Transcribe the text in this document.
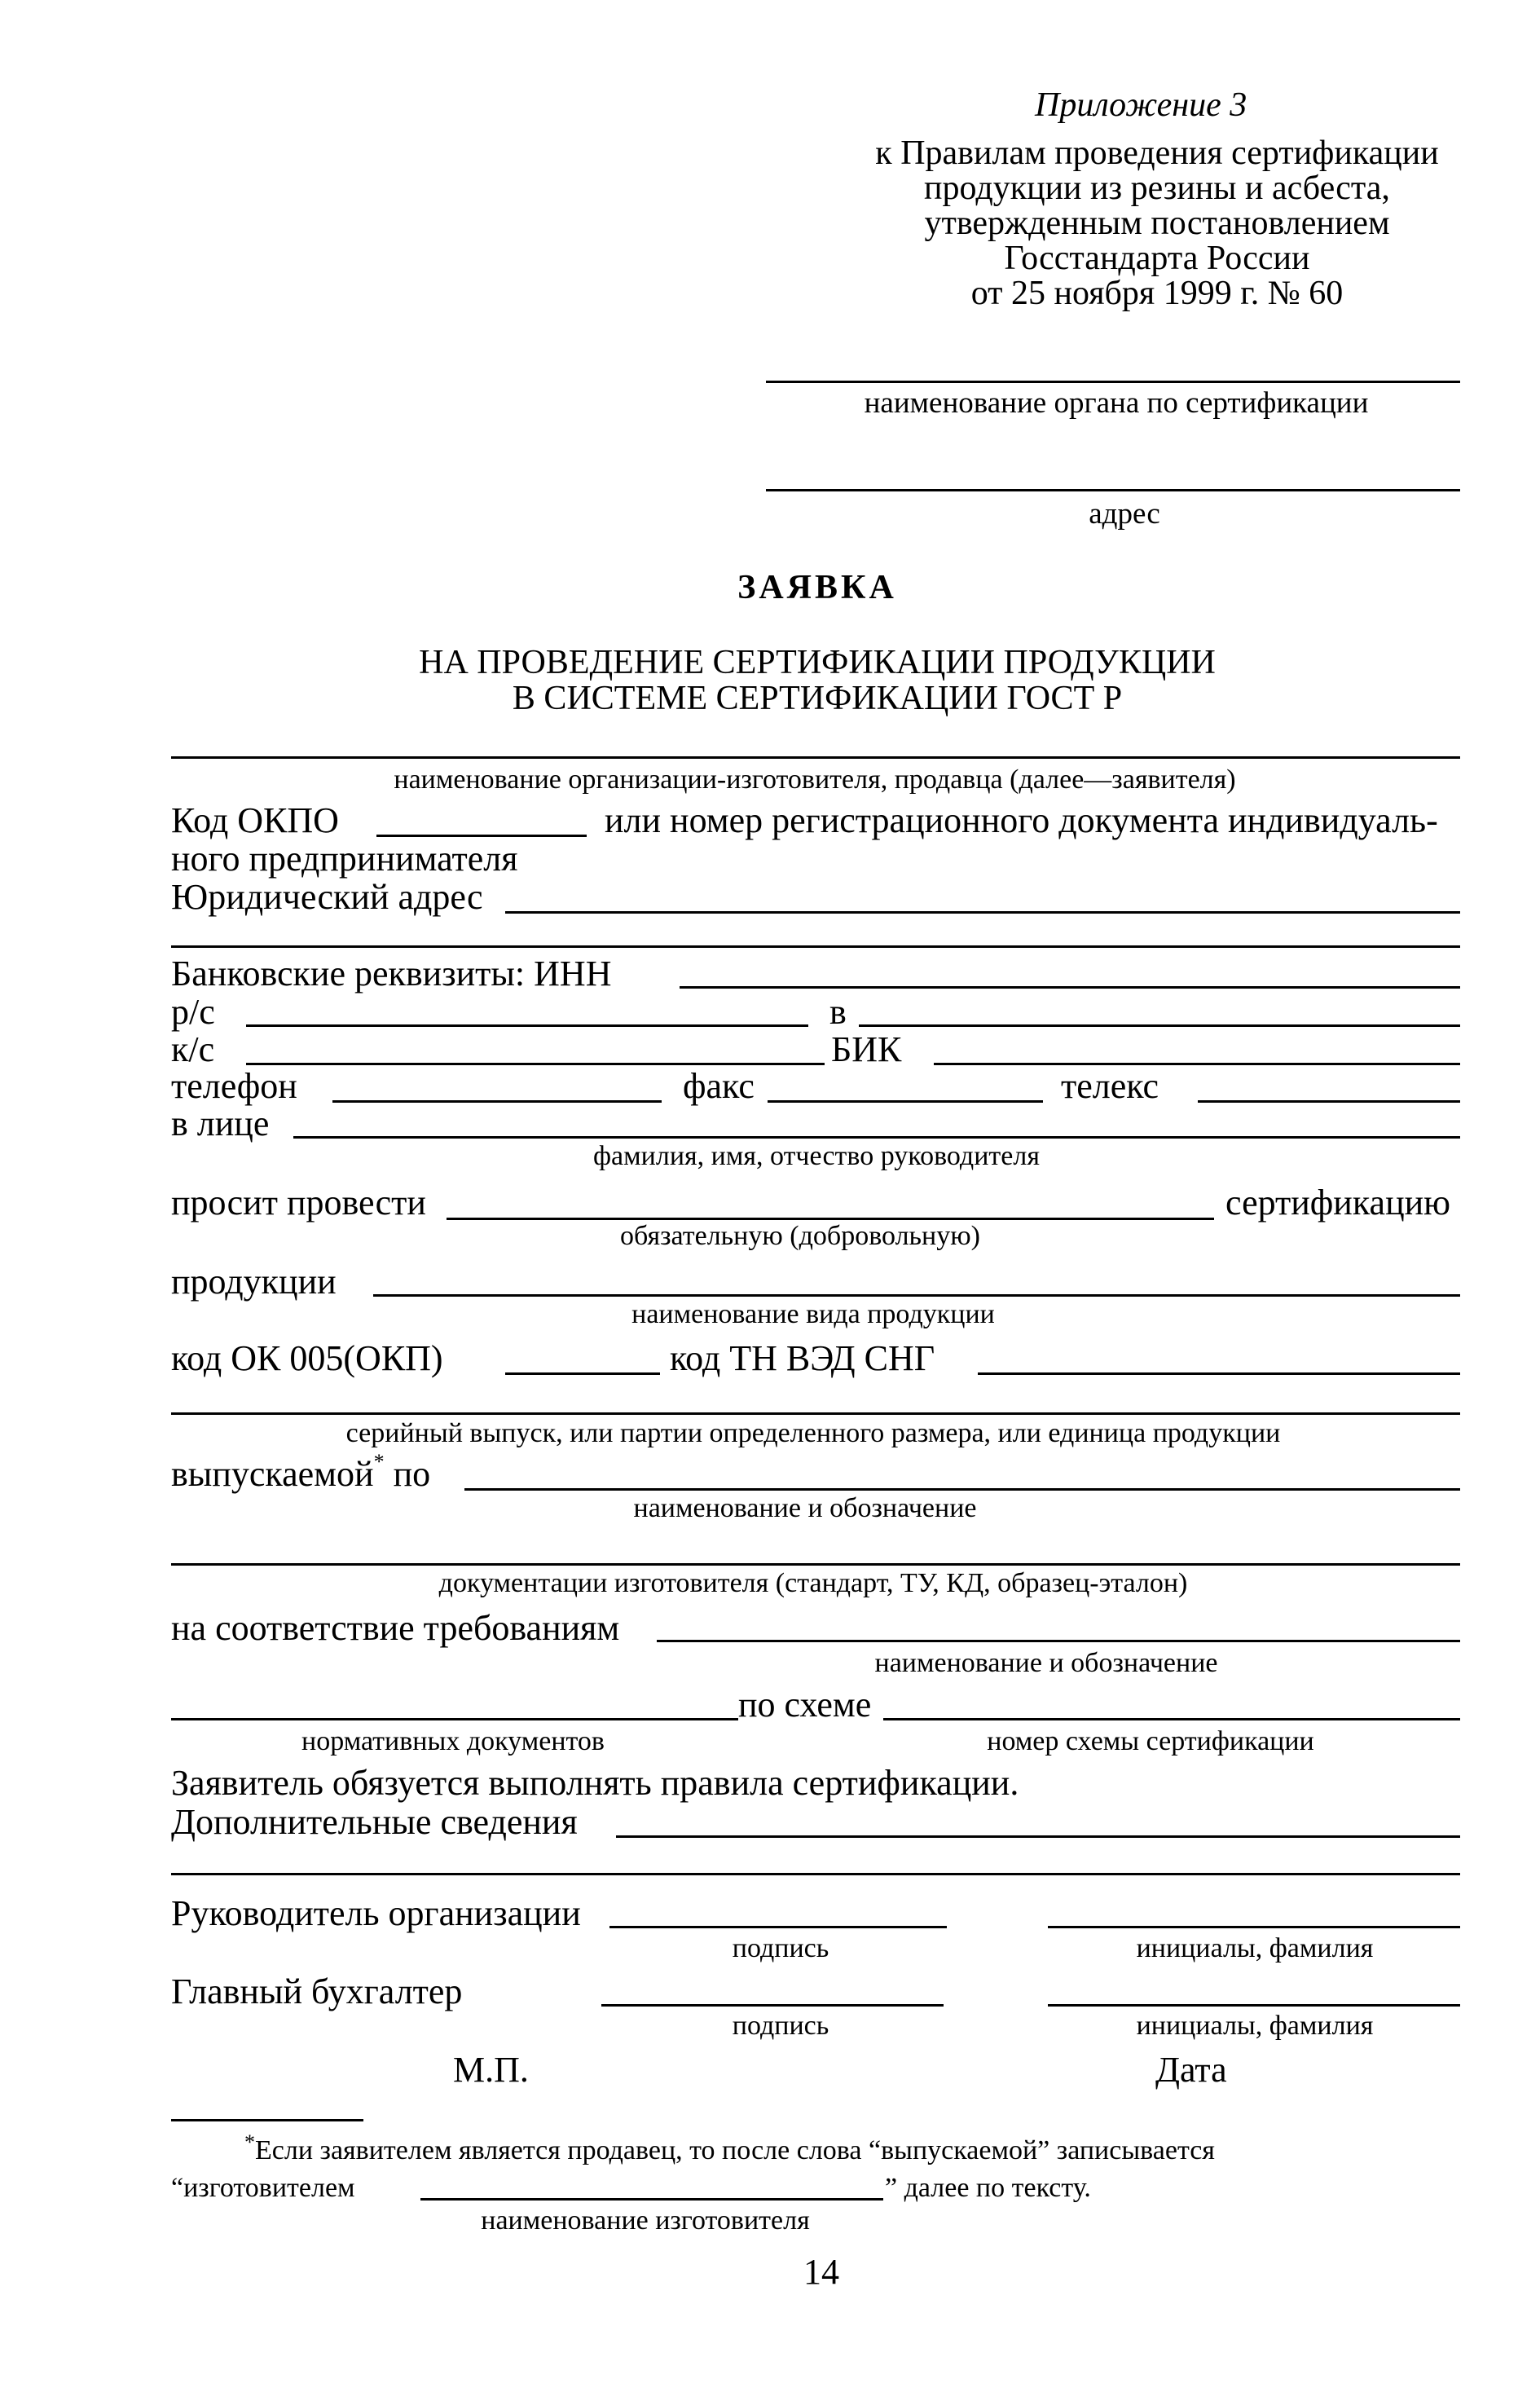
Приложение 3
к Правилам проведения сертификации
продукции из резины и асбеста,
утвержденным постановлением
Госстандарта России
от 25 ноября 1999 г. № 60
наименование органа по сертификации
адрес
ЗАЯВКА
НА ПРОВЕДЕНИЕ СЕРТИФИКАЦИИ ПРОДУКЦИИ
В СИСТЕМЕ СЕРТИФИКАЦИИ ГОСТ Р
наименование организации-изготовителя, продавца (далее—заявителя)
Код ОКПО	или номер регистрационного документа индивидуаль-
ного предпринимателя
Юридический адрес
Банковские реквизиты: ИНН
р/с	в
к/с	БИК
телефон	факс	телекс
в лице
фамилия, имя, отчество руководителя
просит провести	сертификацию
обязательную (добровольную)
продукции
наименование вида продукции
код ОК 005(ОКП)	код ТН ВЭД СНГ
серийный выпуск, или партии определенного размера, или единица продукции
выпускаемой* по
наименование и обозначение
документации изготовителя (стандарт, ТУ, КД, образец-эталон)
на соответствие требованиям
наименование и обозначение
по схеме
нормативных документов	номер схемы сертификации
Заявитель обязуется выполнять правила сертификации.
Дополнительные сведения
Руководитель организации
подпись	инициалы, фамилия
Главный бухгалтер
подпись	инициалы, фамилия
М.П.	Дата
*Если заявителем является продавец, то после слова “выпускаемой” записывается
“изготовителем	” далее по тексту.
наименование изготовителя
14
